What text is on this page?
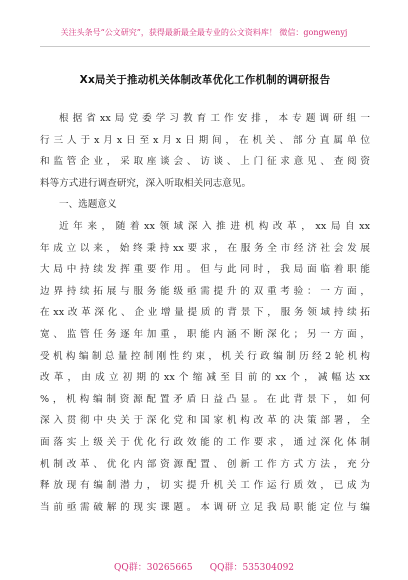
关注头条号“公文研究”，获得最新最全最专业的公文资料库！ 微信：gongwenyj
Xx局关于推动机关体制改革优化工作机制的调研报告

根据省xx局党委学习教育工作安排，本专题调研组一
行三人于x月x日至x月x日期间，在机关、部分直属单位
和监管企业，采取座谈会、访谈、上门征求意见、查阅资
料等方式进行调查研究，深入听取相关同志意见。

一、选题意义

近年来，随着xx领域深入推进机构改革，xx局自xx
年成立以来，始终秉持xx要求，在服务全市经济社会发展
大局中持续发挥重要作用。但与此同时，我局面临着职能
边界持续拓展与服务能级亟需提升的双重考验：一方面，
在xx改革深化、企业增量提质的背景下，服务领域持续拓
宽、监管任务逐年加重，职能内涵不断深化；另一方面，
受机构编制总量控制刚性约束，机关行政编制历经2轮机构
改革，由成立初期的xx个缩减至目前的xx个，减幅达xx
%，机构编制资源配置矛盾日益凸显。在此背景下，如何
深入贯彻中央关于深化党和国家机构改革的决策部署，全
面落实上级关于优化行政效能的工作要求，通过深化体制
机制改革、优化内部资源配置、创新工作方式方法，充分
释放现有编制潜力，切实提升机关工作运行质效，已成为
当前亟需破解的现实课题。本调研立足我局职能定位与编

QQ群：30265665 QQ群：535304092
